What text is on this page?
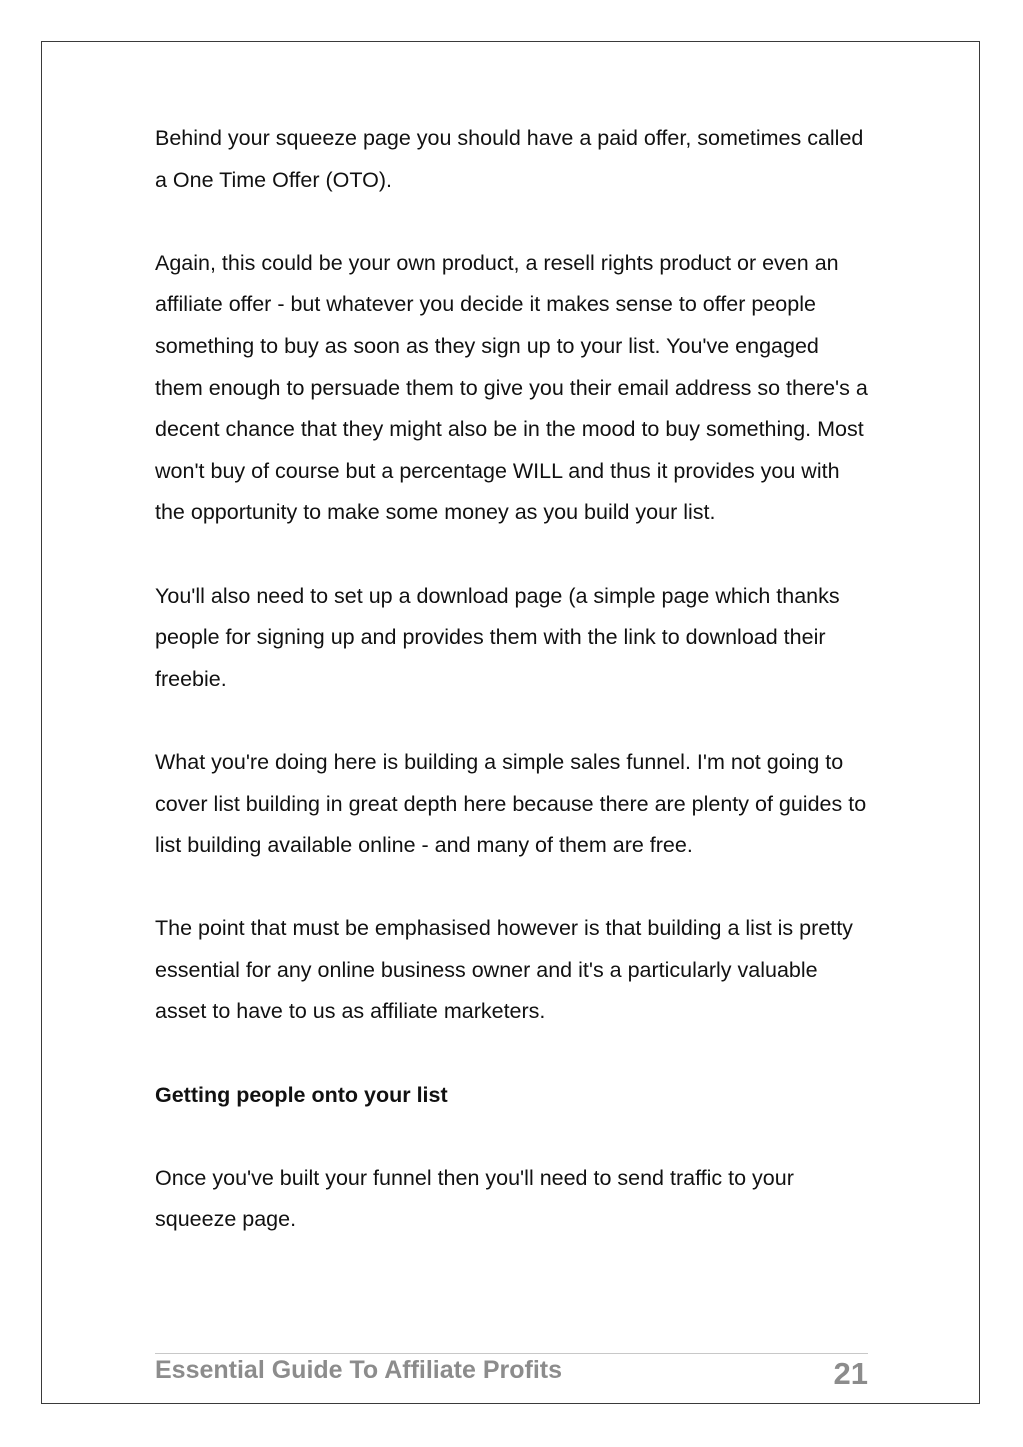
Behind your squeeze page you should have a paid offer, sometimes called a One Time Offer (OTO).

Again, this could be your own product, a resell rights product or even an affiliate offer - but whatever you decide it makes sense to offer people something to buy as soon as they sign up to your list. You've engaged them enough to persuade them to give you their email address so there's a decent chance that they might also be in the mood to buy something. Most won't buy of course but a percentage WILL and thus it provides you with the opportunity to make some money as you build your list.

You'll also need to set up a download page (a simple page which thanks people for signing up and provides them with the link to download their freebie.

What you're doing here is building a simple sales funnel. I'm not going to cover list building in great depth here because there are plenty of guides to list building available online - and many of them are free.

The point that must be emphasised however is that building a list is pretty essential for any online business owner and it's a particularly valuable asset to have to us as affiliate marketers.

Getting people onto your list

Once you've built your funnel then you'll need to send traffic to your squeeze page.

Essential Guide To Affiliate Profits	21
